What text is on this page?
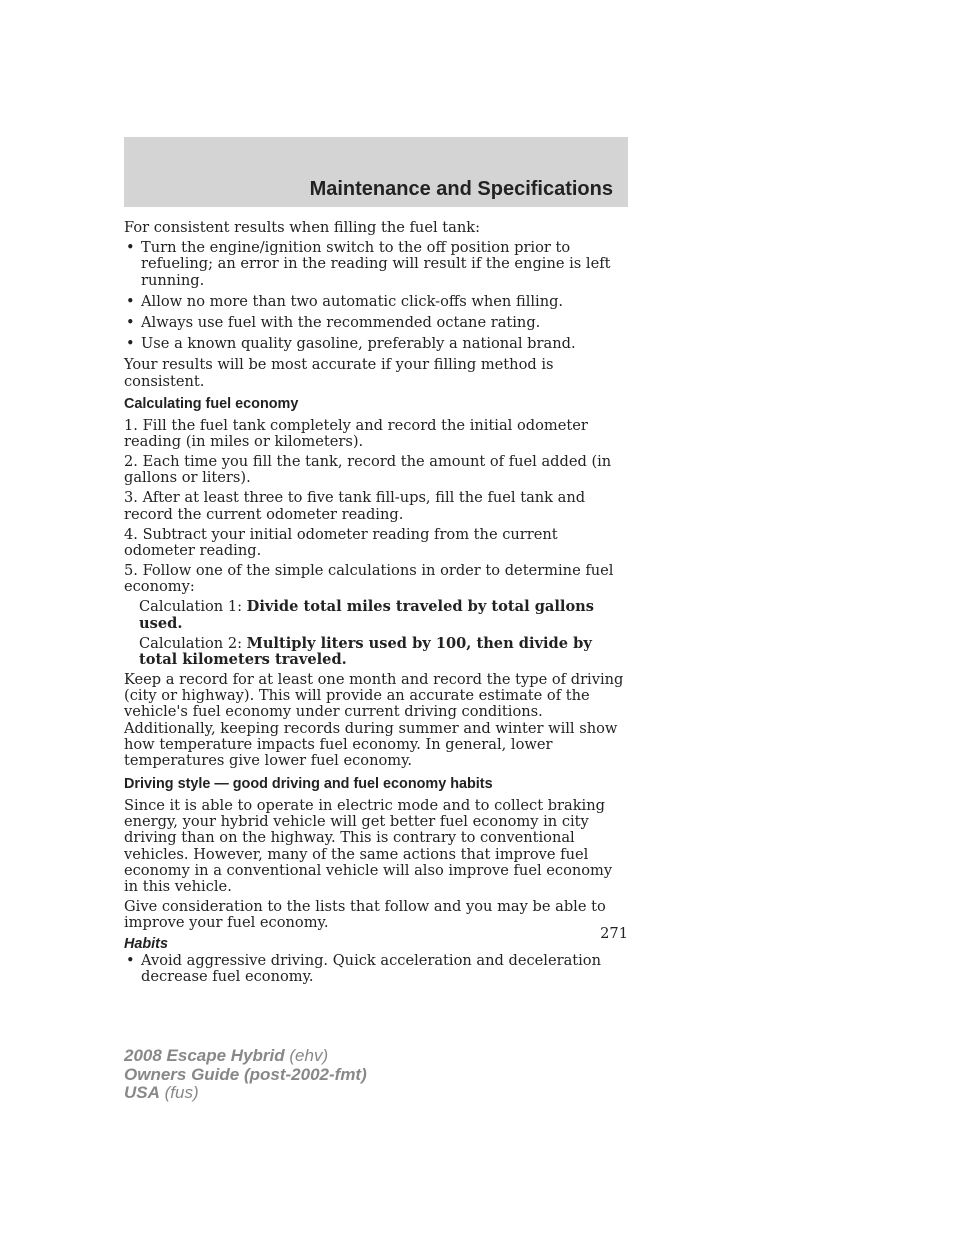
Maintenance and Specifications

For consistent results when filling the fuel tank:

• Turn the engine/ignition switch to the off position prior to refueling; an error in the reading will result if the engine is left running.
• Allow no more than two automatic click-offs when filling.
• Always use fuel with the recommended octane rating.
• Use a known quality gasoline, preferably a national brand.

Your results will be most accurate if your filling method is consistent.

Calculating fuel economy

1. Fill the fuel tank completely and record the initial odometer reading (in miles or kilometers).

2. Each time you fill the tank, record the amount of fuel added (in gallons or liters).

3. After at least three to five tank fill-ups, fill the fuel tank and record the current odometer reading.

4. Subtract your initial odometer reading from the current odometer reading.

5. Follow one of the simple calculations in order to determine fuel economy:

Calculation 1: Divide total miles traveled by total gallons used.

Calculation 2: Multiply liters used by 100, then divide by total kilometers traveled.

Keep a record for at least one month and record the type of driving (city or highway). This will provide an accurate estimate of the vehicle's fuel economy under current driving conditions. Additionally, keeping records during summer and winter will show how temperature impacts fuel economy. In general, lower temperatures give lower fuel economy.

Driving style — good driving and fuel economy habits

Since it is able to operate in electric mode and to collect braking energy, your hybrid vehicle will get better fuel economy in city driving than on the highway. This is contrary to conventional vehicles. However, many of the same actions that improve fuel economy in a conventional vehicle will also improve fuel economy in this vehicle.

Give consideration to the lists that follow and you may be able to improve your fuel economy.

Habits
• Avoid aggressive driving. Quick acceleration and deceleration decrease fuel economy.
271
2008 Escape Hybrid (ehv)
Owners Guide (post-2002-fmt)
USA (fus)
